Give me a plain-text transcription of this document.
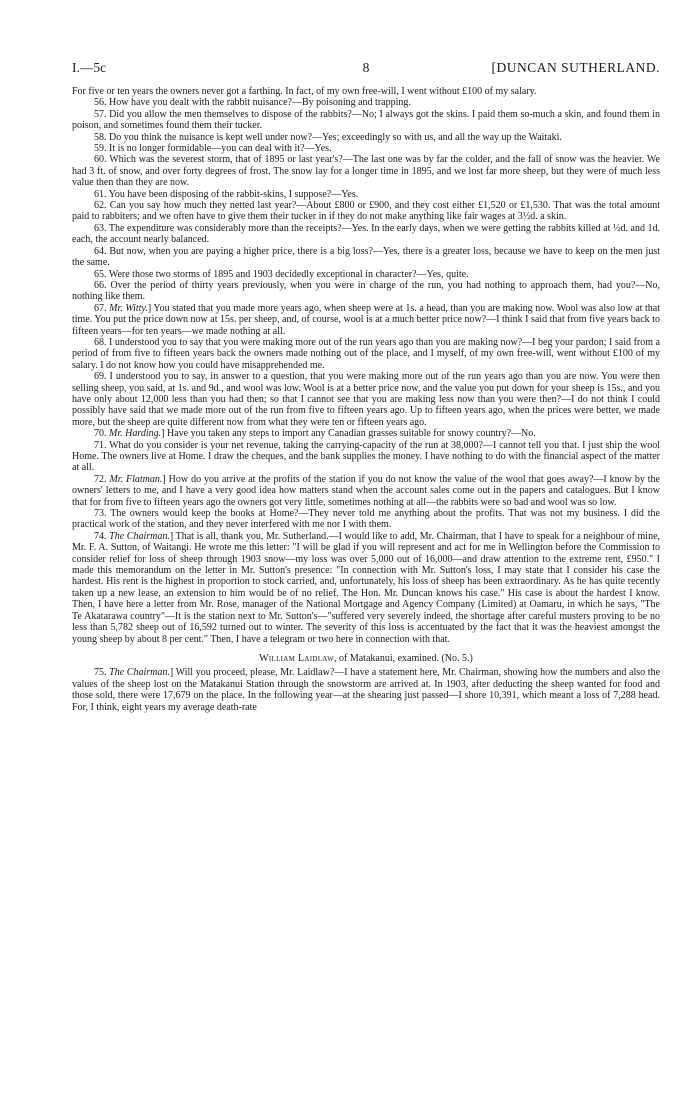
I.—5c	8	[DUNCAN SUTHERLAND.

For five or ten years the owners never got a farthing. In fact, of my own free-will, I went without £100 of my salary.

56. How have you dealt with the rabbit nuisance?—By poisoning and trapping.

57. Did you allow the men themselves to dispose of the rabbits?—No; I always got the skins. I paid them so-much a skin, and found them in poison, and sometimes found them their tucker.

58. Do you think the nuisance is kept well under now?—Yes; exceedingly so with us, and all the way up the Waitaki.

59. It is no longer formidable—you can deal with it?—Yes.

60. Which was the severest storm, that of 1895 or last year's?—The last one was by far the colder, and the fall of snow was the heavier. We had 3 ft. of snow, and over forty degrees of frost. The snow lay for a longer time in 1895, and we lost far more sheep, but they were of much less value then than they are now.

61. You have been disposing of the rabbit-skins, I suppose?—Yes.

62. Can you say how much they netted last year?—About £800 or £900, and they cost either £1,520 or £1,530. That was the total amount paid to rabbiters; and we often have to give them their tucker in if they do not make anything like fair wages at 3½d. a skin.

63. The expenditure was considerably more than the receipts?—Yes. In the early days, when we were getting the rabbits killed at ½d. and 1d. each, the account nearly balanced.

64. But now, when you are paying a higher price, there is a big loss?—Yes, there is a greater loss, because we have to keep on the men just the same.

65. Were those two storms of 1895 and 1903 decidedly exceptional in character?—Yes, quite.

66. Over the period of thirty years previously, when you were in charge of the run, you had nothing to approach them, had you?—No, nothing like them.

67. Mr. Witty.] You stated that you made more years ago, when sheep were at 1s. a head, than you are making now. Wool was also low at that time. You put the price down now at 15s. per sheep, and, of course, wool is at a much better price now?—I think I said that from five years back to fifteen years—for ten years—we made nothing at all.

68. I understood you to say that you were making more out of the run years ago than you are making now?—I beg your pardon; I said from a period of from five to fifteen years back the owners made nothing out of the place, and I myself, of my own free-will, went without £100 of my salary. I do not know how you could have misapprehended me.

69. I understood you to say, in answer to a question, that you were making more out of the run years ago than you are now. You were then selling sheep, you said, at 1s. and 9d., and wool was low. Wool is at a better price now, and the value you put down for your sheep is 15s., and you have only about 12,000 less than you had then; so that I cannot see that you are making less now than you were then?—I do not think I could possibly have said that we made more out of the run from five to fifteen years ago. Up to fifteen years ago, when the prices were better, we made more, but the sheep are quite different now from what they were ten or fifteen years ago.

70. Mr. Harding.] Have you taken any steps to import any Canadian grasses suitable for snowy country?—No.

71. What do you consider is your net revenue, taking the carrying-capacity of the run at 38,000?—I cannot tell you that. I just ship the wool Home. The owners live at Home. I draw the cheques, and the bank supplies the money. I have nothing to do with the financial aspect of the matter at all.

72. Mr. Flatman.] How do you arrive at the profits of the station if you do not know the value of the wool that goes away?—I know by the owners' letters to me, and I have a very good idea how matters stand when the account sales come out in the papers and catalogues. But I know that for from five to fifteen years ago the owners got very little, sometimes nothing at all—the rabbits were so bad and wool was so low.

73. The owners would keep the books at Home?—They never told me anything about the profits. That was not my business. I did the practical work of the station, and they never interfered with me nor I with them.

74. The Chairman.] That is all, thank you, Mr. Sutherland.—I would like to add, Mr. Chairman, that I have to speak for a neighbour of mine, Mr. F. A. Sutton, of Waitangi. He wrote me this letter: "I will be glad if you will represent and act for me in Wellington before the Commission to consider relief for loss of sheep through 1903 snow—my loss was over 5,000 out of 16,000—and draw attention to the extreme rent, £950." I made this memorandum on the letter in Mr. Sutton's presence: "In connection with Mr. Sutton's loss, I may state that I consider his case the hardest. His rent is the highest in proportion to stock carried, and, unfortunately, his loss of sheep has been extraordinary. As he has quite recently taken up a new lease, an extension to him would be of no relief. The Hon. Mr. Duncan knows his case." His case is about the hardest I know. Then, I have here a letter from Mr. Rose, manager of the National Mortgage and Agency Company (Limited) at Oamaru, in which he says, "The Te Akatarawa country"—It is the station next to Mr. Sutton's—"suffered very severely indeed, the shortage after careful musters proving to be no less than 5,782 sheep out of 16,592 turned out to winter. The severity of this loss is accentuated by the fact that it was the heaviest amongst the young sheep by about 8 per cent." Then, I have a telegram or two here in connection with that.

William Laidlaw, of Matakanui, examined. (No. 5.)

75. The Chairman.] Will you proceed, please, Mr. Laidlaw?—I have a statement here, Mr. Chairman, showing how the numbers and also the values of the sheep lost on the Matakanui Station through the snowstorm are arrived at. In 1903, after deducting the sheep wanted for food and those sold, there were 17,679 on the place. In the following year—at the shearing just passed—I shore 10,391, which meant a loss of 7,288 head. For, I think, eight years my average death-rate
